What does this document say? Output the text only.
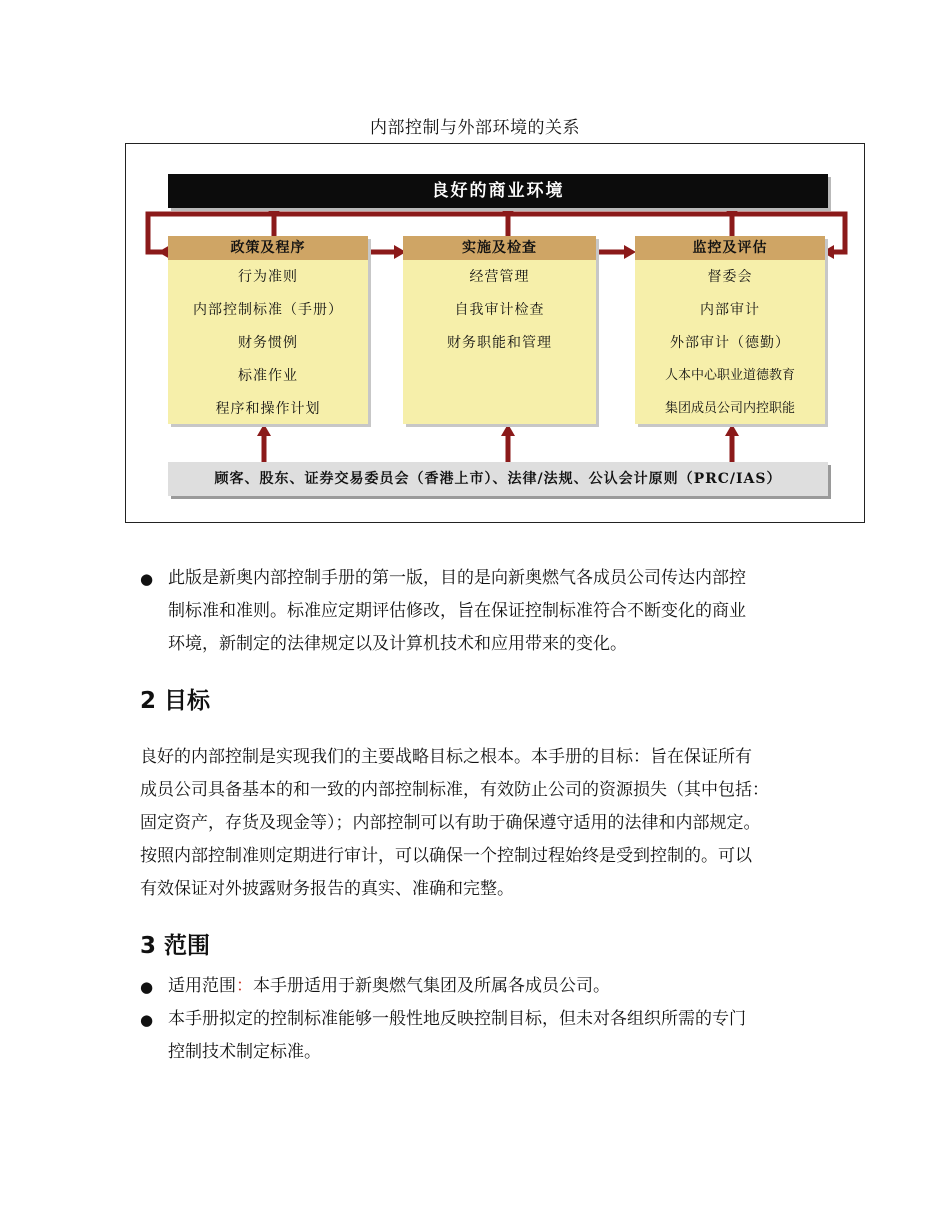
内部控制与外部环境的关系
良好的商业环境
政策及程序
行为准则
内部控制标准（手册）
财务惯例
标准作业
程序和操作计划
实施及检查
经营管理
自我审计检查
财务职能和管理
监控及评估
督委会
内部审计
外部审计（德勤）
人本中心职业道德教育
集团成员公司内控职能
顾客、股东、证券交易委员会（香港上市）、法律/法规、公认会计原则（PRC/IAS）
● 此版是新奥内部控制手册的第一版，目的是向新奥燃气各成员公司传达内部控
制标准和准则。标准应定期评估修改，旨在保证控制标准符合不断变化的商业
环境，新制定的法律规定以及计算机技术和应用带来的变化。
2 目标
良好的内部控制是实现我们的主要战略目标之根本。本手册的目标：旨在保证所有
成员公司具备基本的和一致的内部控制标准，有效防止公司的资源损失（其中包括：
固定资产，存货及现金等）；内部控制可以有助于确保遵守适用的法律和内部规定。
按照内部控制准则定期进行审计，可以确保一个控制过程始终是受到控制的。可以
有效保证对外披露财务报告的真实、准确和完整。
3 范围
● 适用范围：本手册适用于新奥燃气集团及所属各成员公司。
● 本手册拟定的控制标准能够一般性地反映控制目标，但未对各组织所需的专门
控制技术制定标准。
